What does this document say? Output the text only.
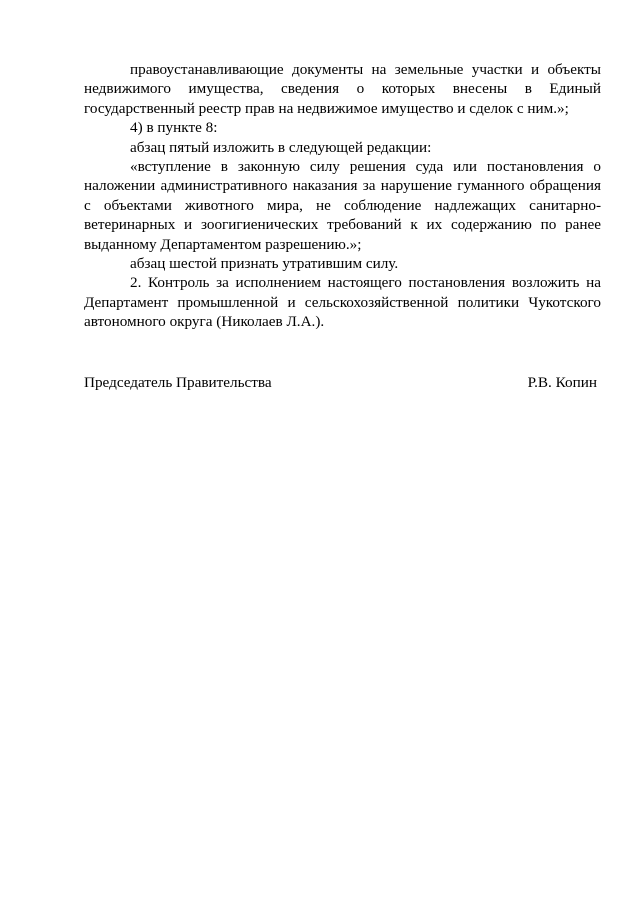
правоустанавливающие документы на земельные участки и объекты недвижимого имущества, сведения о которых внесены в Единый государственный реестр прав на недвижимое имущество и сделок с ним.»;

4) в пункте 8:

абзац пятый изложить в следующей редакции:

«вступление в законную силу решения суда или постановления о наложении административного наказания за нарушение гуманного обращения с объектами животного мира, не соблюдение надлежащих санитарно-ветеринарных и зоогигиенических требований к их содержанию по ранее выданному Департаментом разрешению.»;

абзац шестой признать утратившим силу.

2. Контроль за исполнением настоящего постановления возложить на Департамент промышленной и сельскохозяйственной политики Чукотского автономного округа (Николаев Л.А.).

Председатель Правительства	Р.В. Копин
